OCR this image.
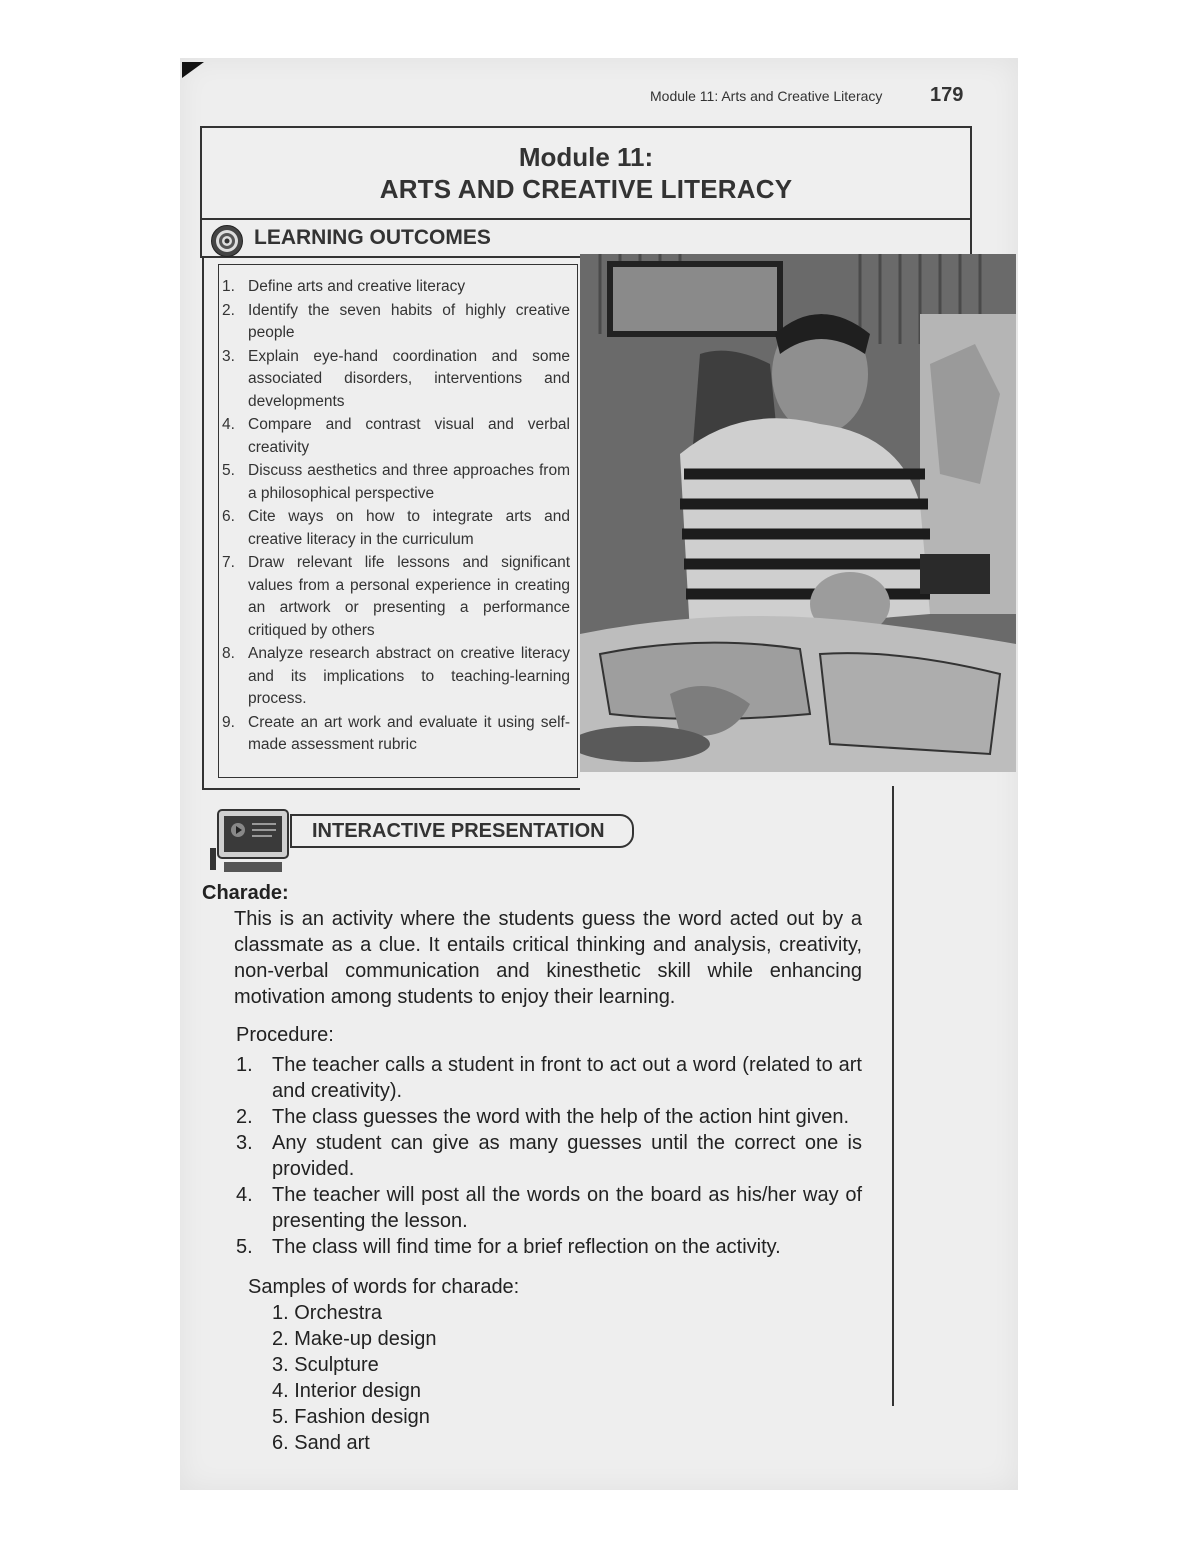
Module 11: Arts and Creative Literacy 179
Module 11:
ARTS AND CREATIVE LITERACY
LEARNING OUTCOMES
1. Define arts and creative literacy
2. Identify the seven habits of highly creative people
3. Explain eye-hand coordination and some associated disorders, interventions and developments
4. Compare and contrast visual and verbal creativity
5. Discuss aesthetics and three approaches from a philosophical perspective
6. Cite ways on how to integrate arts and creative literacy in the curriculum
7. Draw relevant life lessons and significant values from a personal experience in creating an artwork or presenting a performance critiqued by others
8. Analyze research abstract on creative literacy and its implications to teaching-learning process.
9. Create an art work and evaluate it using self-made assessment rubric
INTERACTIVE PRESENTATION

Charade:
This is an activity where the students guess the word acted out by a classmate as a clue. It entails critical thinking and analysis, creativity, non-verbal communication and kinesthetic skill while enhancing motivation among students to enjoy their learning.

Procedure:
1. The teacher calls a student in front to act out a word (related to art and creativity).
2. The class guesses the word with the help of the action hint given.
3. Any student can give as many guesses until the correct one is provided.
4. The teacher will post all the words on the board as his/her way of presenting the lesson.
5. The class will find time for a brief reflection on the activity.
Samples of words for charade:
1. Orchestra
2. Make-up design
3. Sculpture
4. Interior design
5. Fashion design
6. Sand art
